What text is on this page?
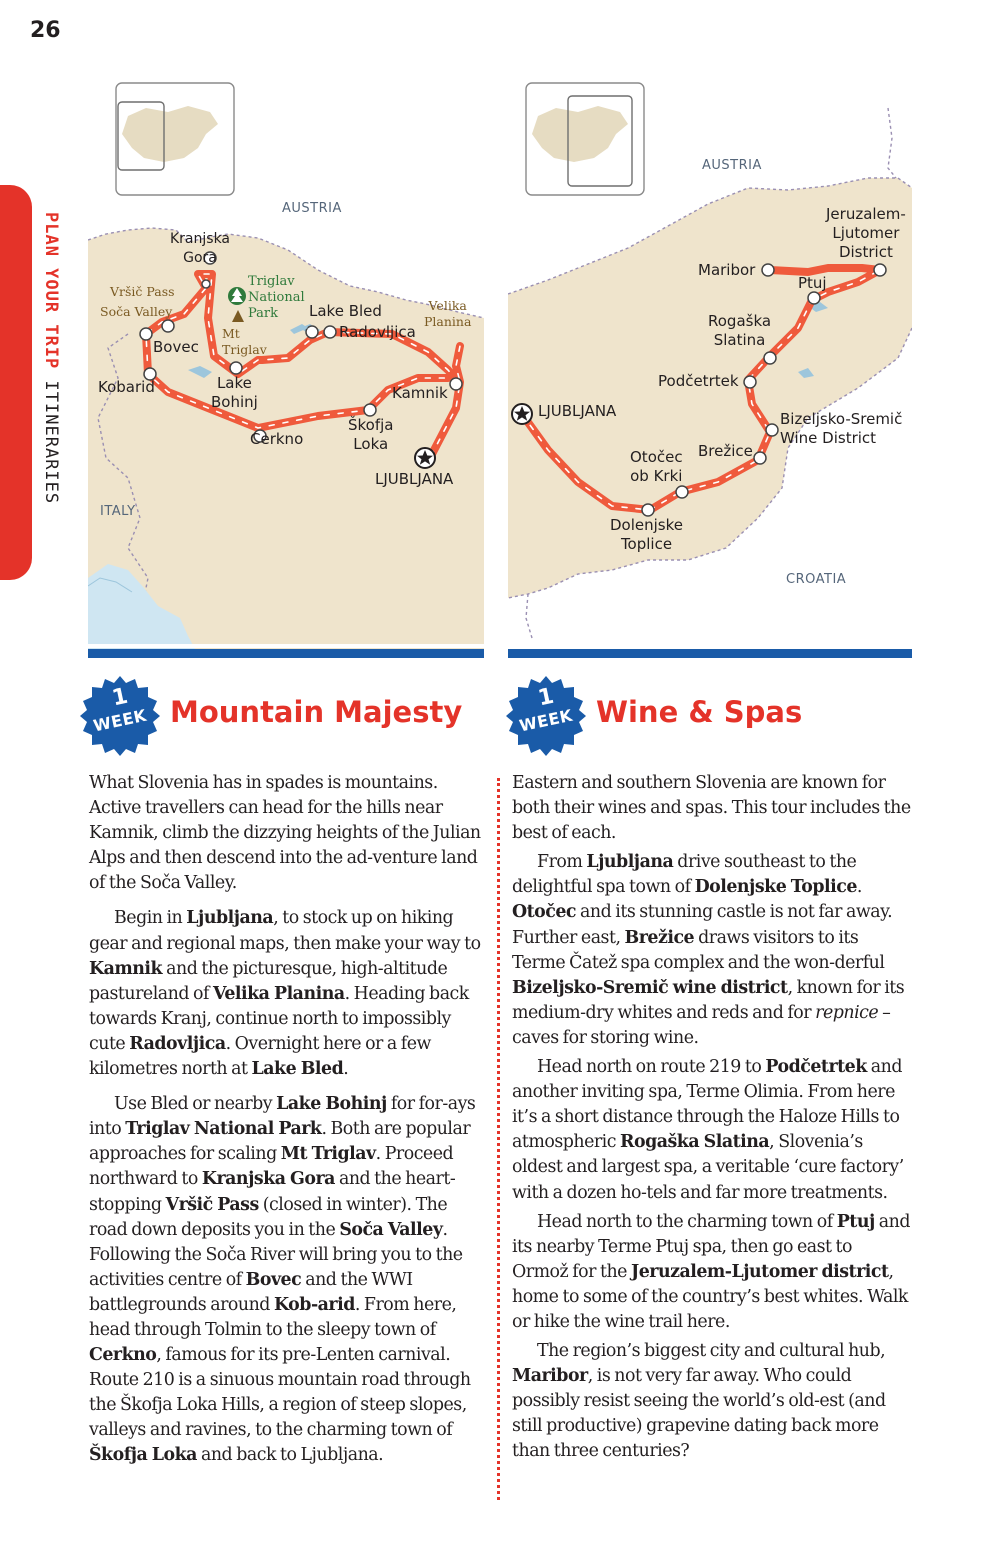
26
PLAN YOUR TRIP ITINERARIES
AUSTRIA
ITALY
Kranjska
Gora
Vršič Pass
Soča Valley
Triglav
National
Park
Mt
Triglav
Velika
Planina
Lake Bled
Radovljica
Bovec
Kobarid	Lake
Bohinj	Kamnik
Škofja
Loka
Cerkno
LJUBLJANA
AUSTRIA
CROATIA
Jeruzalem-
Ljutomer
District
Maribor
Ptuj
Rogaška
Slatina
Podčetrtek
LJUBLJANA	Bizeljsko-Sremič
Wine District
Brežice
Otočec
ob Krki
Dolenjske
Toplice
1
WEEK Mountain Majesty	1
WEEK Wine & Spas

What Slovenia has in spades is mountains. Active travellers can head for the hills near Kamnik, climb the dizzying heights of the Julian Alps and then descend into the ad-venture land of the Soča Valley.

Begin in Ljubljana, to stock up on hiking gear and regional maps, then make your way to Kamnik and the picturesque, high-altitude pastureland of Velika Planina. Heading back towards Kranj, continue north to impossibly cute Radovljica. Overnight here or a few kilometres north at Lake Bled.

Use Bled or nearby Lake Bohinj for for-ays into Triglav National Park. Both are popular approaches for scaling Mt Triglav. Proceed northward to Kranjska Gora and the heart-stopping Vršič Pass (closed in winter). The road down deposits you in the Soča Valley. Following the Soča River will bring you to the activities centre of Bovec and the WWI battlegrounds around Kob-arid. From here, head through Tolmin to the sleepy town of Cerkno, famous for its pre-Lenten carnival. Route 210 is a sinuous mountain road through the Škofja Loka Hills, a region of steep slopes, valleys and ravines, to the charming town of Škofja Loka and back to Ljubljana.

Eastern and southern Slovenia are known for both their wines and spas. This tour includes the best of each.

From Ljubljana drive southeast to the delightful spa town of Dolenjske Toplice. Otočec and its stunning castle is not far away. Further east, Brežice draws visitors to its Terme Čatež spa complex and the won-derful Bizeljsko-Sremič wine district, known for its medium-dry whites and reds and for repnice – caves for storing wine.

Head north on route 219 to Podčetrtek and another inviting spa, Terme Olimia. From here it’s a short distance through the Haloze Hills to atmospheric Rogaška Slatina, Slovenia’s oldest and largest spa, a veritable ‘cure factory’ with a dozen ho-tels and far more treatments.

Head north to the charming town of Ptuj and its nearby Terme Ptuj spa, then go east to Ormož for the Jeruzalem-Ljutomer district, home to some of the country’s best whites. Walk or hike the wine trail here.

The region’s biggest city and cultural hub, Maribor, is not very far away. Who could possibly resist seeing the world’s old-est (and still productive) grapevine dating back more than three centuries?
